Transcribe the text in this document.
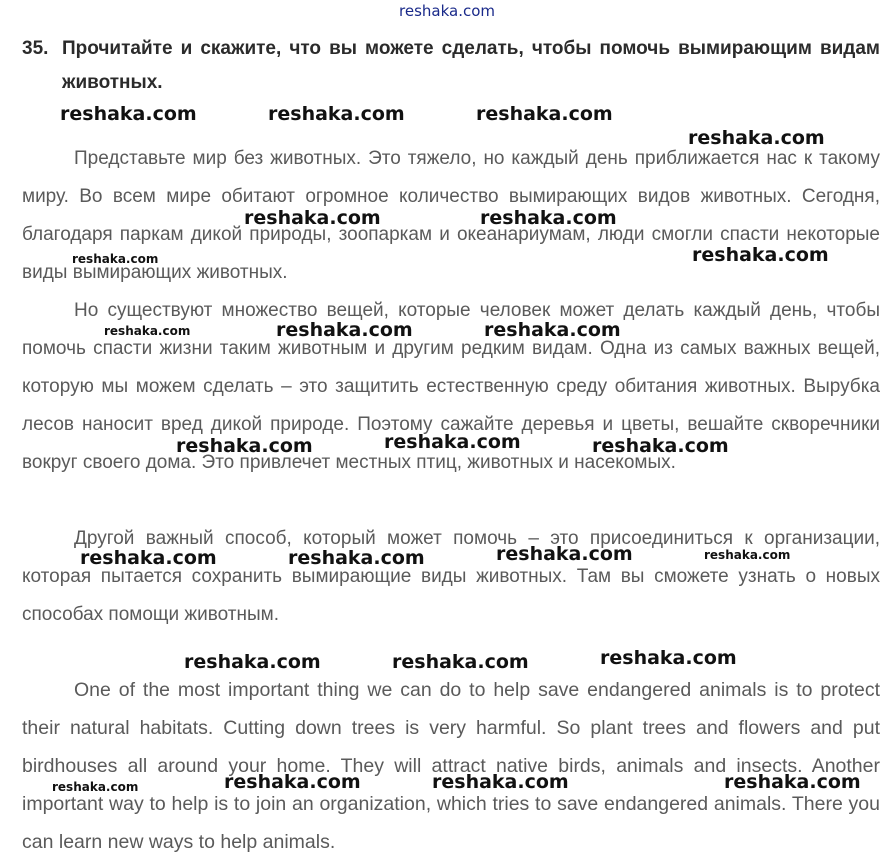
reshaka.com
35. Прочитайте и скажите, что вы можете сделать, чтобы помочь вымирающим видам животных.

Представьте мир без животных. Это тяжело, но каждый день приближается нас к такому миру. Во всем мире обитают огромное количество вымирающих видов животных. Сегодня, благодаря паркам дикой природы, зоопаркам и океанариумам, люди смогли спасти некоторые виды вымирающих животных.

Но существуют множество вещей, которые человек может делать каждый день, чтобы помочь спасти жизни таким животным и другим редким видам. Одна из самых важных вещей, которую мы можем сделать – это защитить естественную среду обитания животных. Вырубка лесов наносит вред дикой природе. Поэтому сажайте деревья и цветы, вешайте скворечники вокруг своего дома. Это привлечет местных птиц, животных и насекомых.

Другой важный способ, который может помочь – это присоединиться к организации, которая пытается сохранить вымирающие виды животных. Там вы сможете узнать о новых способах помощи животным.

One of the most important thing we can do to help save endangered animals is to protect their natural habitats. Cutting down trees is very harmful. So plant trees and flowers and put birdhouses all around your home. They will attract native birds, animals and insects. Another important way to help is to join an organization, which tries to save endangered animals. There you can learn new ways to help animals.

reshaka.com	reshaka.com	reshaka.com
reshaka.com
reshaka.com	reshaka.com
reshaka.com
reshaka.com
reshaka.com	reshaka.com	reshaka.com
reshaka.com	reshaka.com	reshaka.com
reshaka.com	reshaka.com	reshaka.com	reshaka.com
reshaka.com	reshaka.com	reshaka.com
reshaka.com	reshaka.com	reshaka.com	reshaka.com
